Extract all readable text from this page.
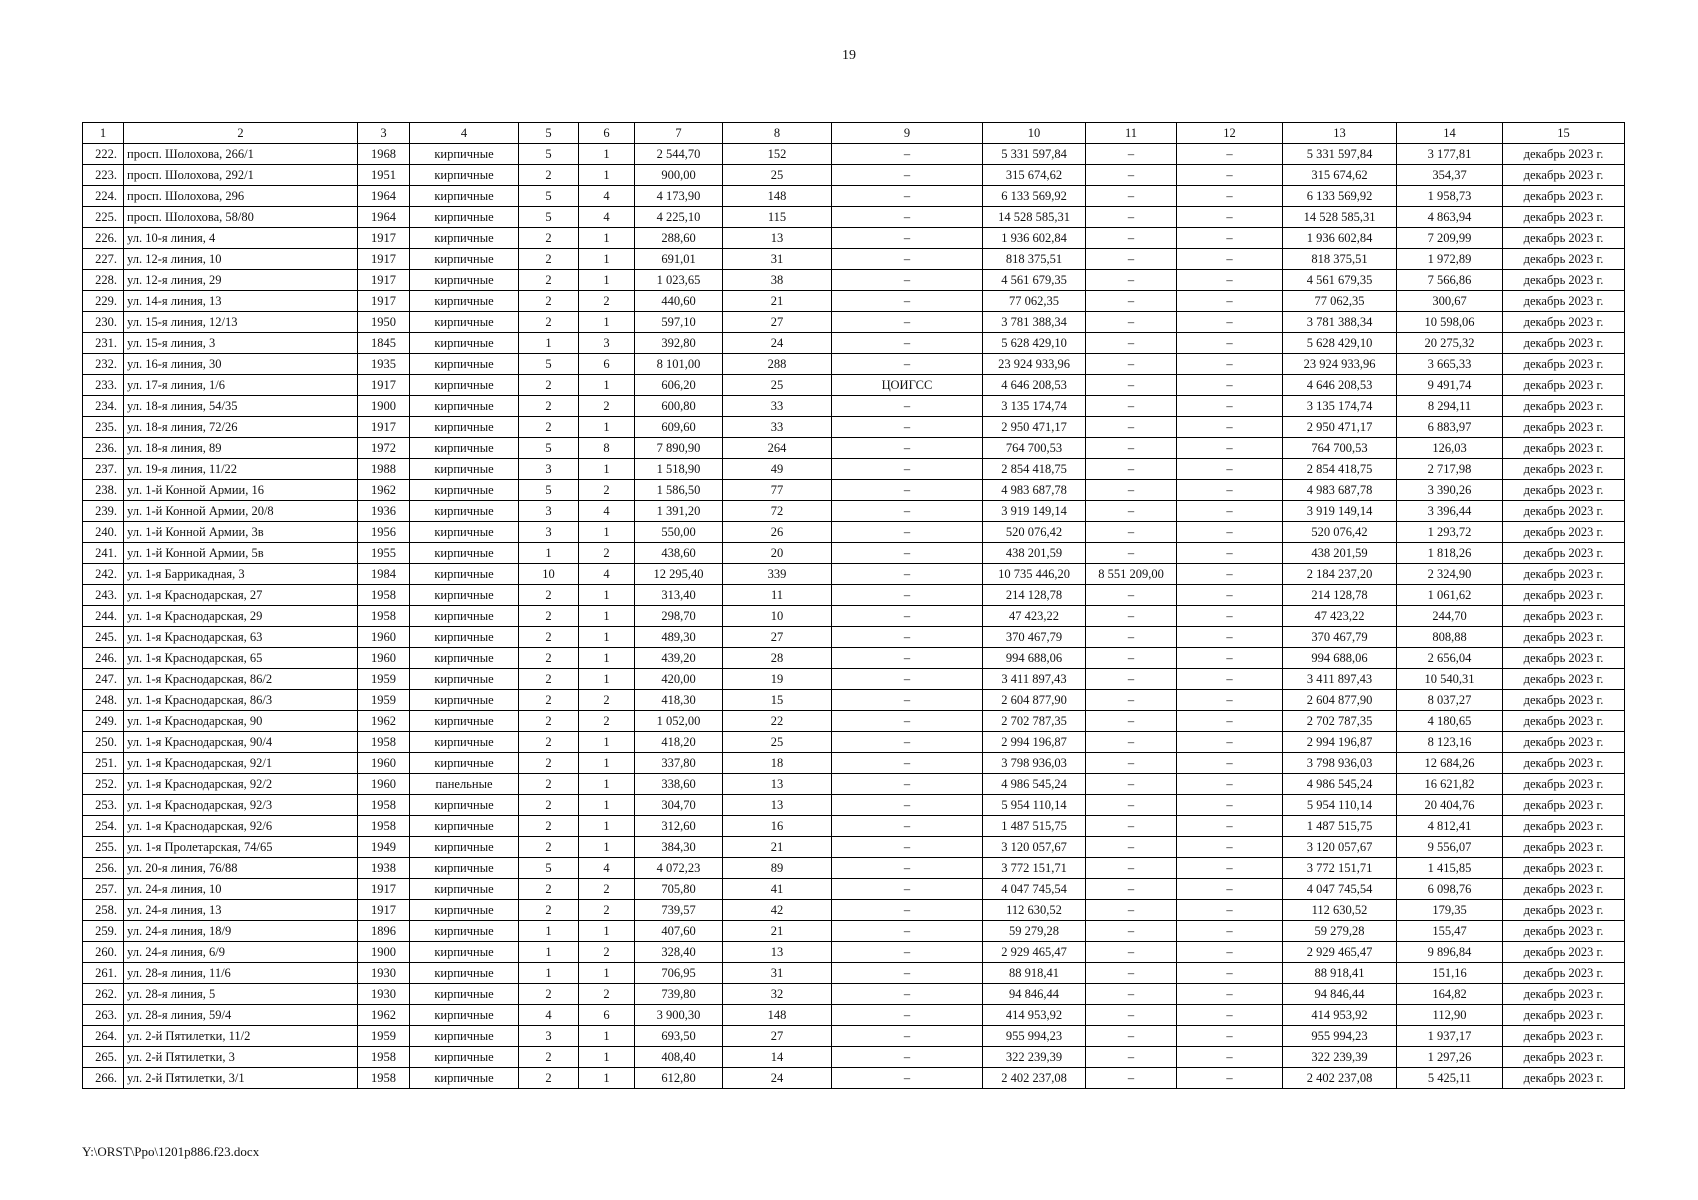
19
1	2	3	4	5	6	7	8	9	10	11	12	13	14	15
222.	просп. Шолохова, 266/1	1968	кирпичные	5	1	2 544,70	152	–	5 331 597,84	–	–	5 331 597,84	3 177,81	декабрь 2023 г.
223.	просп. Шолохова, 292/1	1951	кирпичные	2	1	900,00	25	–	315 674,62	–	–	315 674,62	354,37	декабрь 2023 г.
224.	просп. Шолохова, 296	1964	кирпичные	5	4	4 173,90	148	–	6 133 569,92	–	–	6 133 569,92	1 958,73	декабрь 2023 г.
225.	просп. Шолохова, 58/80	1964	кирпичные	5	4	4 225,10	115	–	14 528 585,31	–	–	14 528 585,31	4 863,94	декабрь 2023 г.
226.	ул. 10-я линия, 4	1917	кирпичные	2	1	288,60	13	–	1 936 602,84	–	–	1 936 602,84	7 209,99	декабрь 2023 г.
227.	ул. 12-я линия, 10	1917	кирпичные	2	1	691,01	31	–	818 375,51	–	–	818 375,51	1 972,89	декабрь 2023 г.
228.	ул. 12-я линия, 29	1917	кирпичные	2	1	1 023,65	38	–	4 561 679,35	–	–	4 561 679,35	7 566,86	декабрь 2023 г.
229.	ул. 14-я линия, 13	1917	кирпичные	2	2	440,60	21	–	77 062,35	–	–	77 062,35	300,67	декабрь 2023 г.
230.	ул. 15-я линия, 12/13	1950	кирпичные	2	1	597,10	27	–	3 781 388,34	–	–	3 781 388,34	10 598,06	декабрь 2023 г.
231.	ул. 15-я линия, 3	1845	кирпичные	1	3	392,80	24	–	5 628 429,10	–	–	5 628 429,10	20 275,32	декабрь 2023 г.
232.	ул. 16-я линия, 30	1935	кирпичные	5	6	8 101,00	288	–	23 924 933,96	–	–	23 924 933,96	3 665,33	декабрь 2023 г.
233.	ул. 17-я линия, 1/6	1917	кирпичные	2	1	606,20	25	ЦОИГСС	4 646 208,53	–	–	4 646 208,53	9 491,74	декабрь 2023 г.
234.	ул. 18-я линия, 54/35	1900	кирпичные	2	2	600,80	33	–	3 135 174,74	–	–	3 135 174,74	8 294,11	декабрь 2023 г.
235.	ул. 18-я линия, 72/26	1917	кирпичные	2	1	609,60	33	–	2 950 471,17	–	–	2 950 471,17	6 883,97	декабрь 2023 г.
236.	ул. 18-я линия, 89	1972	кирпичные	5	8	7 890,90	264	–	764 700,53	–	–	764 700,53	126,03	декабрь 2023 г.
237.	ул. 19-я линия, 11/22	1988	кирпичные	3	1	1 518,90	49	–	2 854 418,75	–	–	2 854 418,75	2 717,98	декабрь 2023 г.
238.	ул. 1-й Конной Армии, 16	1962	кирпичные	5	2	1 586,50	77	–	4 983 687,78	–	–	4 983 687,78	3 390,26	декабрь 2023 г.
239.	ул. 1-й Конной Армии, 20/8	1936	кирпичные	3	4	1 391,20	72	–	3 919 149,14	–	–	3 919 149,14	3 396,44	декабрь 2023 г.
240.	ул. 1-й Конной Армии, 3в	1956	кирпичные	3	1	550,00	26	–	520 076,42	–	–	520 076,42	1 293,72	декабрь 2023 г.
241.	ул. 1-й Конной Армии, 5в	1955	кирпичные	1	2	438,60	20	–	438 201,59	–	–	438 201,59	1 818,26	декабрь 2023 г.
242.	ул. 1-я Баррикадная, 3	1984	кирпичные	10	4	12 295,40	339	–	10 735 446,20	8 551 209,00	–	2 184 237,20	2 324,90	декабрь 2023 г.
243.	ул. 1-я Краснодарская, 27	1958	кирпичные	2	1	313,40	11	–	214 128,78	–	–	214 128,78	1 061,62	декабрь 2023 г.
244.	ул. 1-я Краснодарская, 29	1958	кирпичные	2	1	298,70	10	–	47 423,22	–	–	47 423,22	244,70	декабрь 2023 г.
245.	ул. 1-я Краснодарская, 63	1960	кирпичные	2	1	489,30	27	–	370 467,79	–	–	370 467,79	808,88	декабрь 2023 г.
246.	ул. 1-я Краснодарская, 65	1960	кирпичные	2	1	439,20	28	–	994 688,06	–	–	994 688,06	2 656,04	декабрь 2023 г.
247.	ул. 1-я Краснодарская, 86/2	1959	кирпичные	2	1	420,00	19	–	3 411 897,43	–	–	3 411 897,43	10 540,31	декабрь 2023 г.
248.	ул. 1-я Краснодарская, 86/3	1959	кирпичные	2	2	418,30	15	–	2 604 877,90	–	–	2 604 877,90	8 037,27	декабрь 2023 г.
249.	ул. 1-я Краснодарская, 90	1962	кирпичные	2	2	1 052,00	22	–	2 702 787,35	–	–	2 702 787,35	4 180,65	декабрь 2023 г.
250.	ул. 1-я Краснодарская, 90/4	1958	кирпичные	2	1	418,20	25	–	2 994 196,87	–	–	2 994 196,87	8 123,16	декабрь 2023 г.
251.	ул. 1-я Краснодарская, 92/1	1960	кирпичные	2	1	337,80	18	–	3 798 936,03	–	–	3 798 936,03	12 684,26	декабрь 2023 г.
252.	ул. 1-я Краснодарская, 92/2	1960	панельные	2	1	338,60	13	–	4 986 545,24	–	–	4 986 545,24	16 621,82	декабрь 2023 г.
253.	ул. 1-я Краснодарская, 92/3	1958	кирпичные	2	1	304,70	13	–	5 954 110,14	–	–	5 954 110,14	20 404,76	декабрь 2023 г.
254.	ул. 1-я Краснодарская, 92/6	1958	кирпичные	2	1	312,60	16	–	1 487 515,75	–	–	1 487 515,75	4 812,41	декабрь 2023 г.
255.	ул. 1-я Пролетарская, 74/65	1949	кирпичные	2	1	384,30	21	–	3 120 057,67	–	–	3 120 057,67	9 556,07	декабрь 2023 г.
256.	ул. 20-я линия, 76/88	1938	кирпичные	5	4	4 072,23	89	–	3 772 151,71	–	–	3 772 151,71	1 415,85	декабрь 2023 г.
257.	ул. 24-я линия, 10	1917	кирпичные	2	2	705,80	41	–	4 047 745,54	–	–	4 047 745,54	6 098,76	декабрь 2023 г.
258.	ул. 24-я линия, 13	1917	кирпичные	2	2	739,57	42	–	112 630,52	–	–	112 630,52	179,35	декабрь 2023 г.
259.	ул. 24-я линия, 18/9	1896	кирпичные	1	1	407,60	21	–	59 279,28	–	–	59 279,28	155,47	декабрь 2023 г.
260.	ул. 24-я линия, 6/9	1900	кирпичные	1	2	328,40	13	–	2 929 465,47	–	–	2 929 465,47	9 896,84	декабрь 2023 г.
261.	ул. 28-я линия, 11/6	1930	кирпичные	1	1	706,95	31	–	88 918,41	–	–	88 918,41	151,16	декабрь 2023 г.
262.	ул. 28-я линия, 5	1930	кирпичные	2	2	739,80	32	–	94 846,44	–	–	94 846,44	164,82	декабрь 2023 г.
263.	ул. 28-я линия, 59/4	1962	кирпичные	4	6	3 900,30	148	–	414 953,92	–	–	414 953,92	112,90	декабрь 2023 г.
264.	ул. 2-й Пятилетки, 11/2	1959	кирпичные	3	1	693,50	27	–	955 994,23	–	–	955 994,23	1 937,17	декабрь 2023 г.
265.	ул. 2-й Пятилетки, 3	1958	кирпичные	2	1	408,40	14	–	322 239,39	–	–	322 239,39	1 297,26	декабрь 2023 г.
266.	ул. 2-й Пятилетки, 3/1	1958	кирпичные	2	1	612,80	24	–	2 402 237,08	–	–	2 402 237,08	5 425,11	декабрь 2023 г.
Y:\ORST\Ppo\1201p886.f23.docx
